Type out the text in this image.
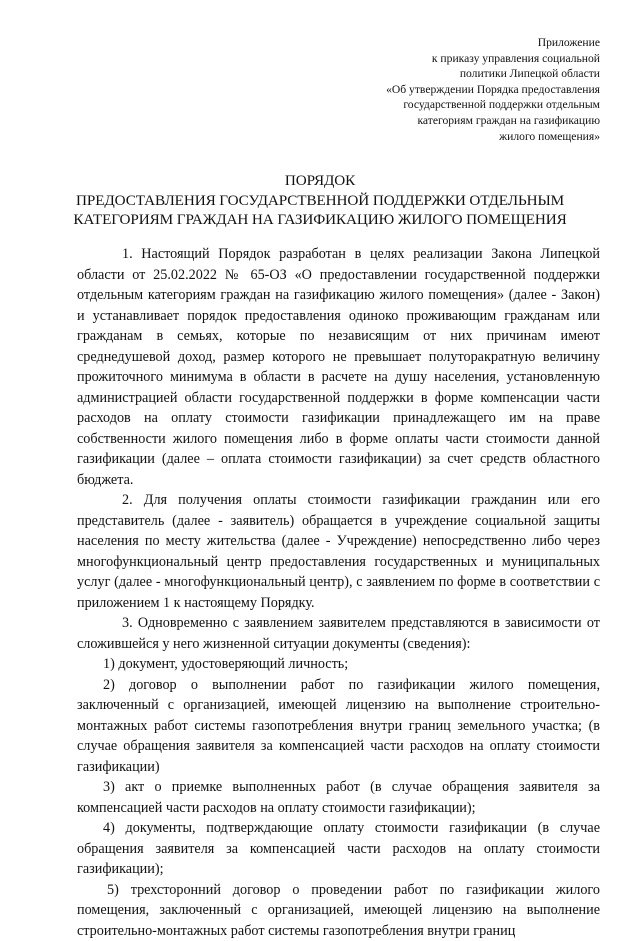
Приложение
к приказу управления социальной
политики Липецкой области
«Об утверждении Порядка предоставления
государственной поддержки отдельным
категориям граждан на газификацию
жилого помещения»
ПОРЯДОК
ПРЕДОСТАВЛЕНИЯ ГОСУДАРСТВЕННОЙ ПОДДЕРЖКИ ОТДЕЛЬНЫМ
КАТЕГОРИЯМ ГРАЖДАН НА ГАЗИФИКАЦИЮ ЖИЛОГО ПОМЕЩЕНИЯ

1. Настоящий Порядок разработан в целях реализации Закона Липецкой области от 25.02.2022 № 65-ОЗ «О предоставлении государственной поддержки отдельным категориям граждан на газификацию жилого помещения» (далее - Закон) и устанавливает порядок предоставления одиноко проживающим гражданам или гражданам в семьях, которые по независящим от них причинам имеют среднедушевой доход, размер которого не превышает полуторакратную величину прожиточного минимума в области в расчете на душу населения, установленную администрацией области государственной поддержки в форме компенсации части расходов на оплату стоимости газификации принадлежащего им на праве собственности жилого помещения либо в форме оплаты части стоимости данной газификации (далее – оплата стоимости газификации) за счет средств областного бюджета.

2. Для получения оплаты стоимости газификации гражданин или его представитель (далее - заявитель) обращается в учреждение социальной защиты населения по месту жительства (далее - Учреждение) непосредственно либо через многофункциональный центр предоставления государственных и муниципальных услуг (далее - многофункциональный центр), с заявлением по форме в соответствии с приложением 1 к настоящему Порядку.

3. Одновременно с заявлением заявителем представляются в зависимости от сложившейся у него жизненной ситуации документы (сведения):

1) документ, удостоверяющий личность;

2) договор о выполнении работ по газификации жилого помещения, заключенный с организацией, имеющей лицензию на выполнение строительно-монтажных работ системы газопотребления внутри границ земельного участка; (в случае обращения заявителя за компенсацией части расходов на оплату стоимости газификации)

3) акт о приемке выполненных работ (в случае обращения заявителя за компенсацией части расходов на оплату стоимости газификации);

4) документы, подтверждающие оплату стоимости газификации (в случае обращения заявителя за компенсацией части расходов на оплату стоимости газификации);

5) трехсторонний договор о проведении работ по газификации жилого помещения, заключенный с организацией, имеющей лицензию на выполнение строительно-монтажных работ системы газопотребления внутри границ
